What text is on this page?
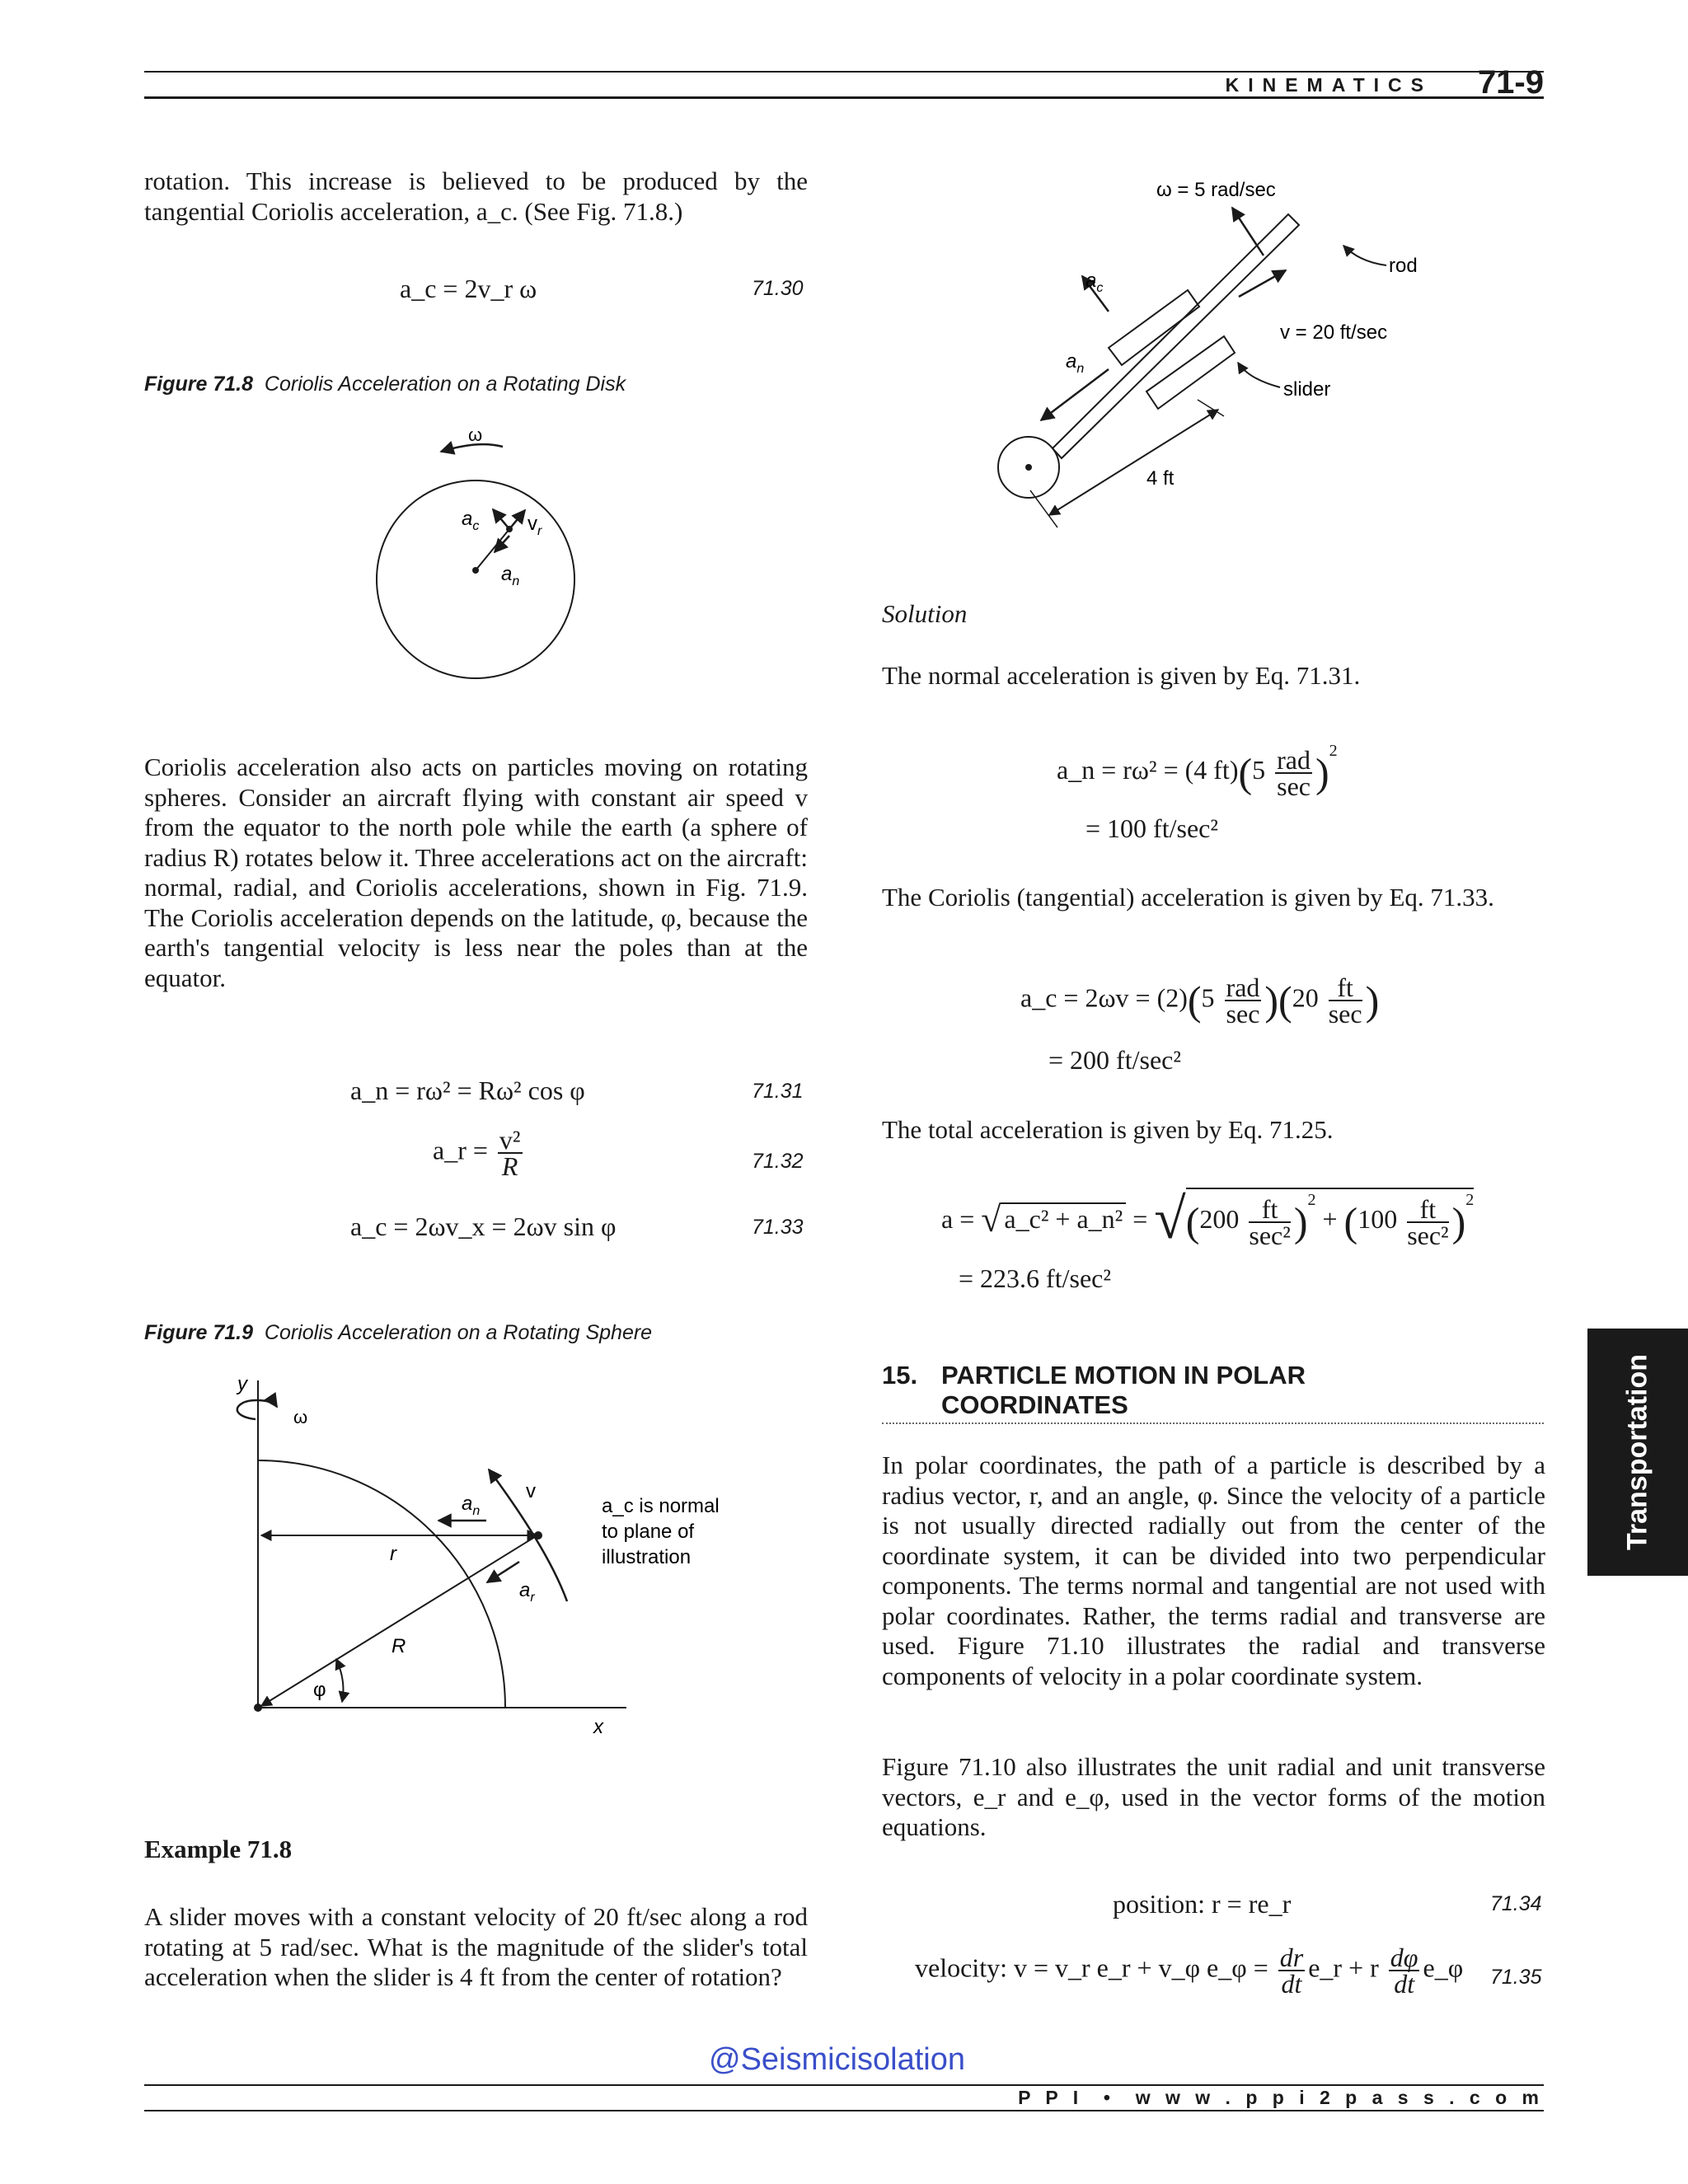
KINEMATICS 71-9
rotation. This increase is believed to be produced by the tangential Coriolis acceleration, a_c. (See Fig. 71.8.)
a_c = 2v_r ω	71.30
Figure 71.8 Coriolis Acceleration on a Rotating Disk
ω
$a_c$ $v_r$
$a_n$
Coriolis acceleration also acts on particles moving on rotating spheres. Consider an aircraft flying with constant air speed v from the equator to the north pole while the earth (a sphere of radius R) rotates below it. Three accelerations act on the aircraft: normal, radial, and Coriolis accelerations, shown in Fig. 71.9. The Coriolis acceleration depends on the latitude, φ, because the earth's tangential velocity is less near the poles than at the equator.
a_n = rω² = Rω² cos φ	71.31
a_r = $\frac{\text{v²}}{R}$	71.32
a_c = 2ωv_x = 2ωv sin φ	71.33
Figure 71.9 Coriolis Acceleration on a Rotating Sphere
y
x
ω
r
R
φ
v
$a_n$
$a_r$
a_c is normal
to plane of
illustration
Example 71.8
A slider moves with a constant velocity of 20 ft/sec along a rod rotating at 5 rad/sec. What is the magnitude of the slider's total acceleration when the slider is 4 ft from the center of rotation?
ω = 5 rad/sec
rod
slider
v = 20 ft/sec
$a_c$
$a_n$
4 ft
Solution
The normal acceleration is given by Eq. 71.31.
a_n = rω² = (4 $ft)(5 \frac{\text{rad}}{\sec} )^2$
= 100 ft/sec²
The Coriolis (tangential) acceleration is given by Eq. 71.33.
a_c = $2\omega v = (2)(5 \frac{\text{rad}}{\sec} )(20 \frac{ft}{\sec}$ )
= 200 ft/sec²
The total acceleration is given by Eq. 71.25.
a = √ a_c² + a_n² = $√(200 \frac{ft}{\text{sec²}} )^2 + (100 \frac{ft}{\text{sec²}} )^2$
= 223.6 ft/sec²
15. PARTICLE MOTION IN POLAR
COORDINATES
In polar coordinates, the path of a particle is described by a radius vector, r, and an angle, φ. Since the velocity of a particle is not usually directed radially out from the center of the coordinate system, it can be divided into two perpendicular components. The terms normal and tangential are not used with polar coordinates. Rather, the terms radial and transverse are used. Figure 71.10 illustrates the radial and transverse components of velocity in a polar coordinate system.
Figure 71.10 also illustrates the unit radial and unit transverse vectors, e_r and e_φ, used in the vector forms of the motion equations.
position: r = re_r	71.34
velocity: v = v_r e_r + v_φ e_φ = $\frac{dr}{dt}$ e_r + r $\frac{d\varphi}{dt}$ e_φ 71.35
Transportation
@Seismicisolation
P P I  •  w w w . p p i 2 p a s s . c o m
